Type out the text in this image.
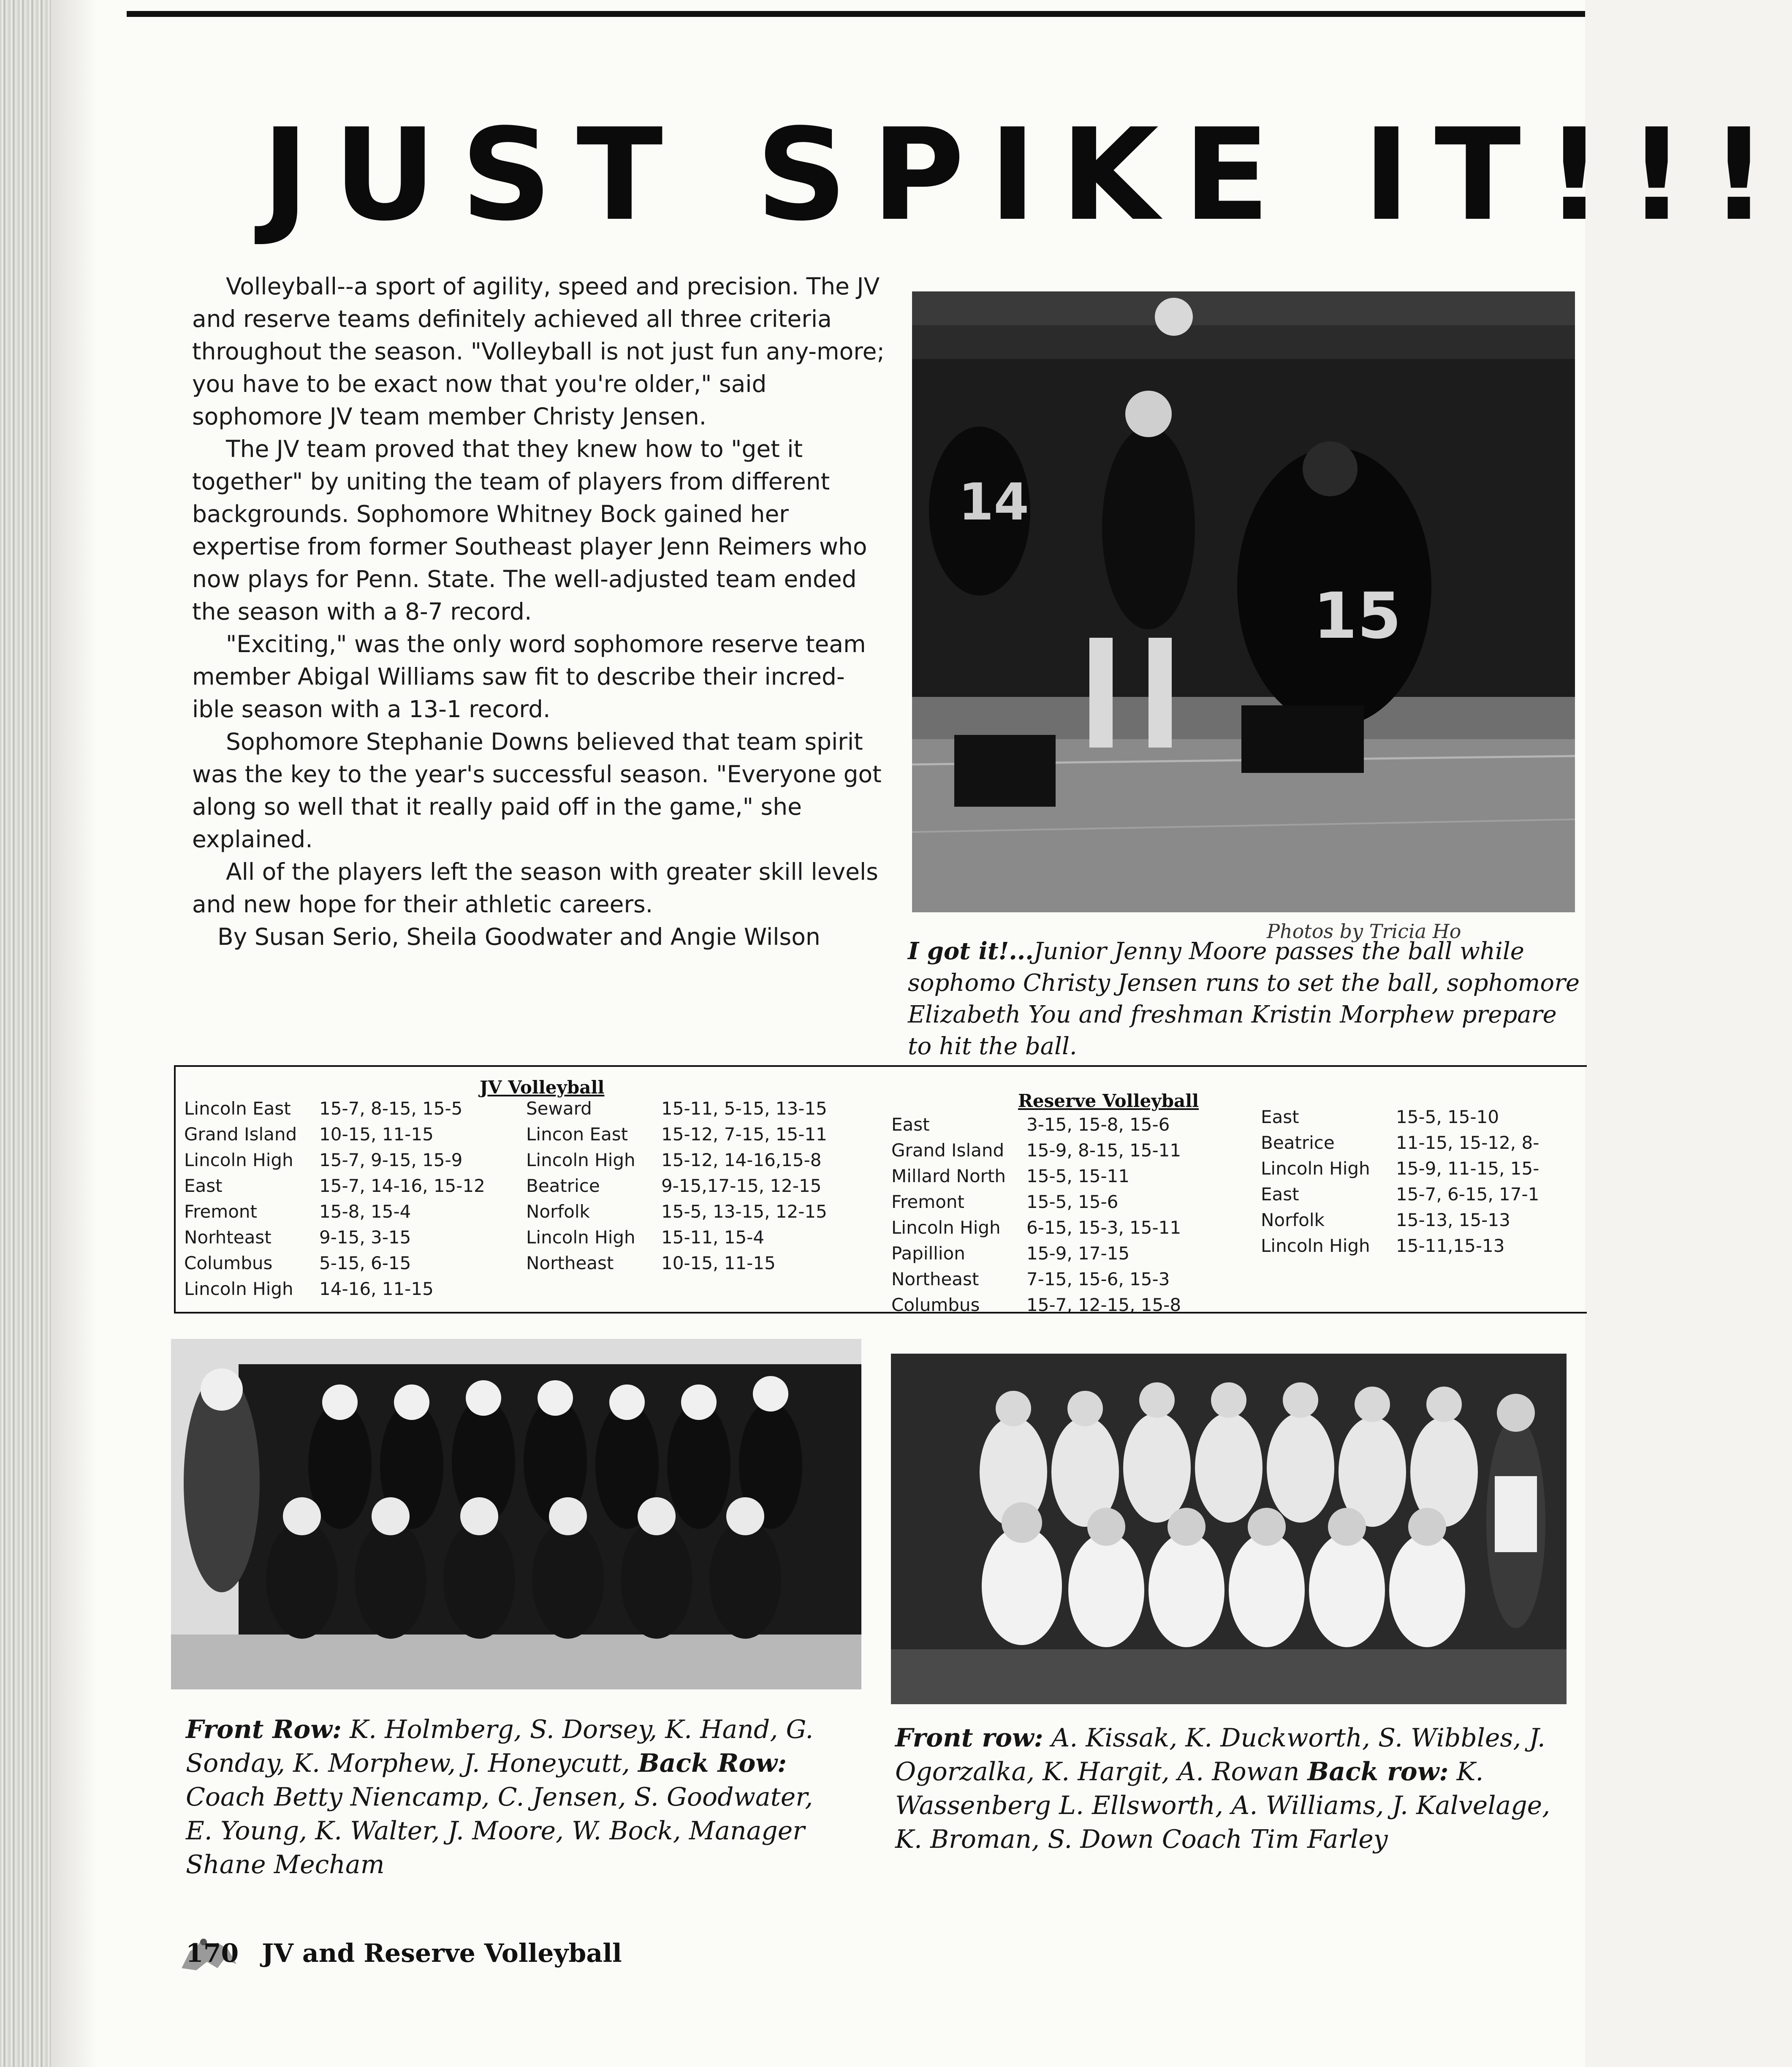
JUST SPIKE IT!!!

Volleyball--a sport of agility, speed and precision. The JV and reserve teams definitely achieved all three criteria throughout the season. "Volleyball is not just fun any-more; you have to be exact now that you're older," said sophomore JV team member Christy Jensen.

The JV team proved that they knew how to "get it together" by uniting the team of players from different backgrounds. Sophomore Whitney Bock gained her expertise from former Southeast player Jenn Reimers who now plays for Penn. State. The well-adjusted team ended the season with a 8-7 record.

"Exciting," was the only word sophomore reserve team member Abigal Williams saw fit to describe their incred-ible season with a 13-1 record.

Sophomore Stephanie Downs believed that team spirit was the key to the year's successful season. "Everyone got along so well that it really paid off in the game," she explained.

All of the players left the season with greater skill levels and new hope for their athletic careers.

By Susan Serio, Sheila Goodwater and Angie Wilson

14
15
Photos by Tricia Ho
I got it!...Junior Jenny Moore passes the ball while sophomo Christy Jensen runs to set the ball, sophomore Elizabeth You and freshman Kristin Morphew prepare to hit the ball.
JV Volleyball
Reserve Volleyball
Lincoln East	15-7, 8-15, 15-5
Grand Island	10-15, 11-15
Lincoln High	15-7, 9-15, 15-9
East	15-7, 14-16, 15-12
Fremont	15-8, 15-4
Norhteast	9-15, 3-15
Columbus	5-15, 6-15
Lincoln High	14-16, 11-15
Seward	15-11, 5-15, 13-15
Lincon East	15-12, 7-15, 15-11
Lincoln High	15-12, 14-16,15-8
Beatrice	9-15,17-15, 12-15
Norfolk	15-5, 13-15, 12-15
Lincoln High	15-11, 15-4
Northeast	10-15, 11-15
East	3-15, 15-8, 15-6
Grand Island	15-9, 8-15, 15-11
Millard North	15-5, 15-11
Fremont	15-5, 15-6
Lincoln High	6-15, 15-3, 15-11
Papillion	15-9, 17-15
Northeast	7-15, 15-6, 15-3
Columbus	15-7, 12-15, 15-8
East	15-5, 15-10
Beatrice	11-15, 15-12, 8-
Lincoln High	15-9, 11-15, 15-
East	15-7, 6-15, 17-1
Norfolk	15-13, 15-13
Lincoln High	15-11,15-13
Front Row: K. Holmberg, S. Dorsey, K. Hand, G. Sonday, K. Morphew, J. Honeycutt, Back Row: Coach Betty Niencamp, C. Jensen, S. Goodwater, E. Young, K. Walter, J. Moore, W. Bock, Manager Shane Mecham
Front row: A. Kissak, K. Duckworth, S. Wibbles, J. Ogorzalka, K. Hargit, A. Rowan Back row: K. Wassenberg L. Ellsworth, A. Williams, J. Kalvelage, K. Broman, S. Down Coach Tim Farley
170 JV and Reserve Volleyball
